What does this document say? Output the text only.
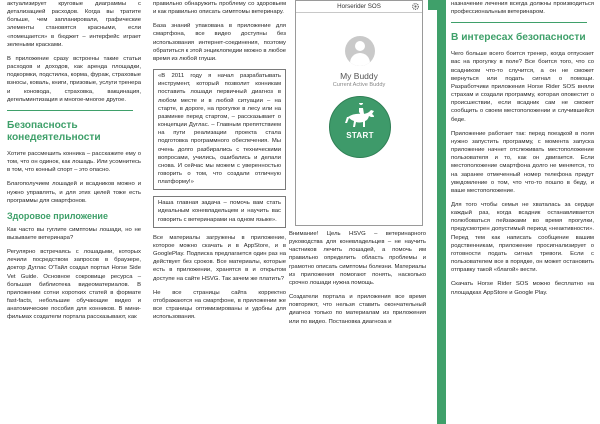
актуализирует круговые диаграммы с детализацией расходов. Когда вы тратите больше, чем запланировали, графические элементы становятся красными, если «помещается» в бюджет – интерфейс играет зелеными красками.

В приложение сразу встроены такие статьи расходов и доходов, как аренда площадки, подкормки, подстилка, корма, фураж, страховые взносы, коваль, книги, призовые, услуги тренера и коновода, страховка, вакцинация, дегельминтизация и многое-многое другое.

Безопасность конедеятельности

Хотите рассмешить конника – расскажите ему о том, что он одинок, как лошадь. Или усомнитесь в том, что конный спорт – это опасно.

Благополучием лошадей и всадников можно и нужно управлять, и для этих целей тоже есть программы для смартфонов.

Здоровое приложение

Как часто вы гуглите симптомы лошади, но не вызываете ветеринара?

Регулярно встречаясь с лошадьми, которых лечили посредством запросов в браузере, доктор Дуглас О'Тайл создал портал Horse Side Vet Guide. Основное сокровище ресурса – большая библиотека видеоматериалов. В приложении сотни коротких статей в формате fast-facts, небольшие обучающие видео и анатомические пособия для конников. В мини-фильмах создатели портала рассказывают, как

правильно обнаружить проблему со здоровьем и как правильно описать симптомы ветеринару.

База знаний упакована в приложение для смартфона, все видео доступны без использования интернет-соединения, поэтому обратиться к этой энциклопедии можно в любое время из любой глуши.

«В 2011 году я начал разрабатывать инструмент, который позволит конникам поставить лошади первичный диагноз в любом месте и в любой ситуации – на старте, в дороге, на прогулке в лесу или на разминке перед стартом, – рассказывает о концепции Дуглас. – Главным препятствием на пути реализации проекта стала подготовка программного обеспечения. Мы очень долго разбирались с техническими вопросами, учились, ошибались и делали снова. И сейчас мы можем с уверенностью говорить о том, что создали отличную платформу!»

Наша главная задача – помочь вам стать идеальным коневладельцем и научить вас говорить с ветеринарами на одном языке».

Все материалы загружены в приложение, которое можно скачать и в AppStore, и в GooglePlay. Подписка предлагается один раз на действует без сроков. Все материалы, которые есть в приложении, хранятся в и открытом доступе на сайте HSVG. Так зачем же платить?

Не все страницы сайта корректно отображаются на смартфоне, в приложении же все страницы оптимизированы и удобны для использования.

Horserider SOS
My Buddy
Current Active Buddy
START

Внимание! Цель HSVG – ветеринарного руководства для коневладельцев – не научить частников лечить лошадей, а помочь им правильно определить область проблемы и грамотно описать симптомы болезни. Материалы из приложения помогают понять, насколько срочно лошади нужна помощь.

Создатели портала и приложения все время повторяют, что нельзя ставить окончательный диагноз только по материалам из приложения или по видео. Постановка диагноза и

назначение лечения всегда должны производиться профессиональным ветеринаром.

В интересах безопасности

Чего больше всего боится тренер, когда отпускает вас на прогулку в поле? Все боится того, что со всадником что-то случится, а он не сможет вернуться или подать сигнал о помощи. Разработчики приложения Horse Rider SOS вняли страхам и создали программу, которая оповестит о происшествии, если всадник сам не сможет сообщить о своем местоположении и случившейся беде.

Приложение работает так: перед поездкой в поля нужно запустить программу, с момента запуска приложение начнет отслеживать местоположение пользователя и то, как он двигается. Если местоположение смартфона долго не меняется, то на заранее отмеченный номер телефона придут уведомление о том, что что-то пошло в беду, и ваше местоположение.

Для того чтобы семья не хваталась за сердце каждый раз, когда всадник останавливается полюбоваться пейзажами во время прогулки, предусмотрен допустимый период «неактивности». Перед тем как написать сообщение вашим родственникам, приложение просигнализирует о готовности подать сигнал тревоги. Если с пользователем все в порядке, он может остановить отправку такой «благой» вести.

Скачать Horse Rider SOS можно бесплатно на площадках AppStore и Google Play.
